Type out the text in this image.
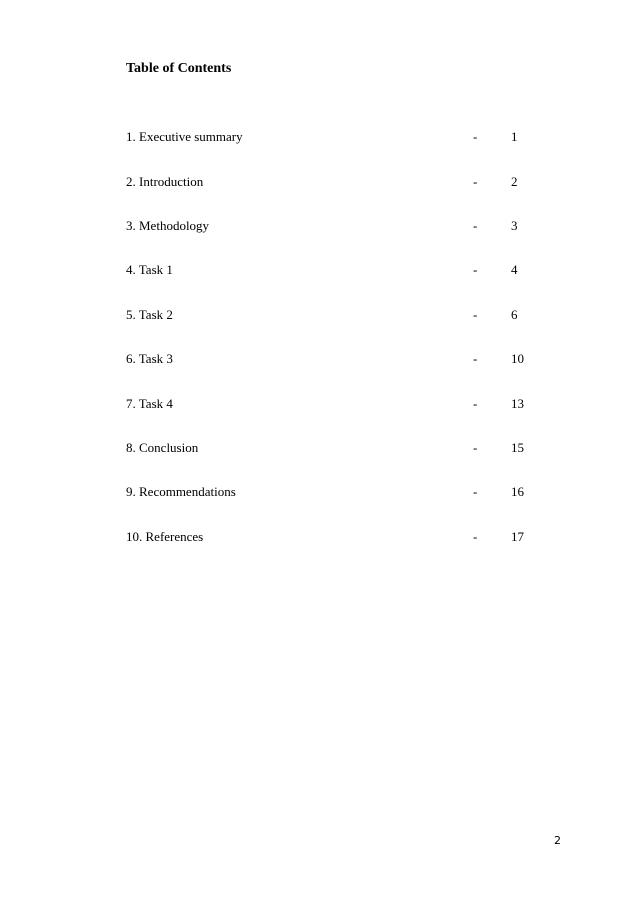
Table of Contents
1. Executive summary	-	1
2. Introduction	-	2
3. Methodology	-	3
4. Task 1	-	4
5. Task 2	-	6
6. Task 3	-	10
7. Task 4	-	13
8. Conclusion	-	15
9. Recommendations	-	16
10. References	-	17
2
